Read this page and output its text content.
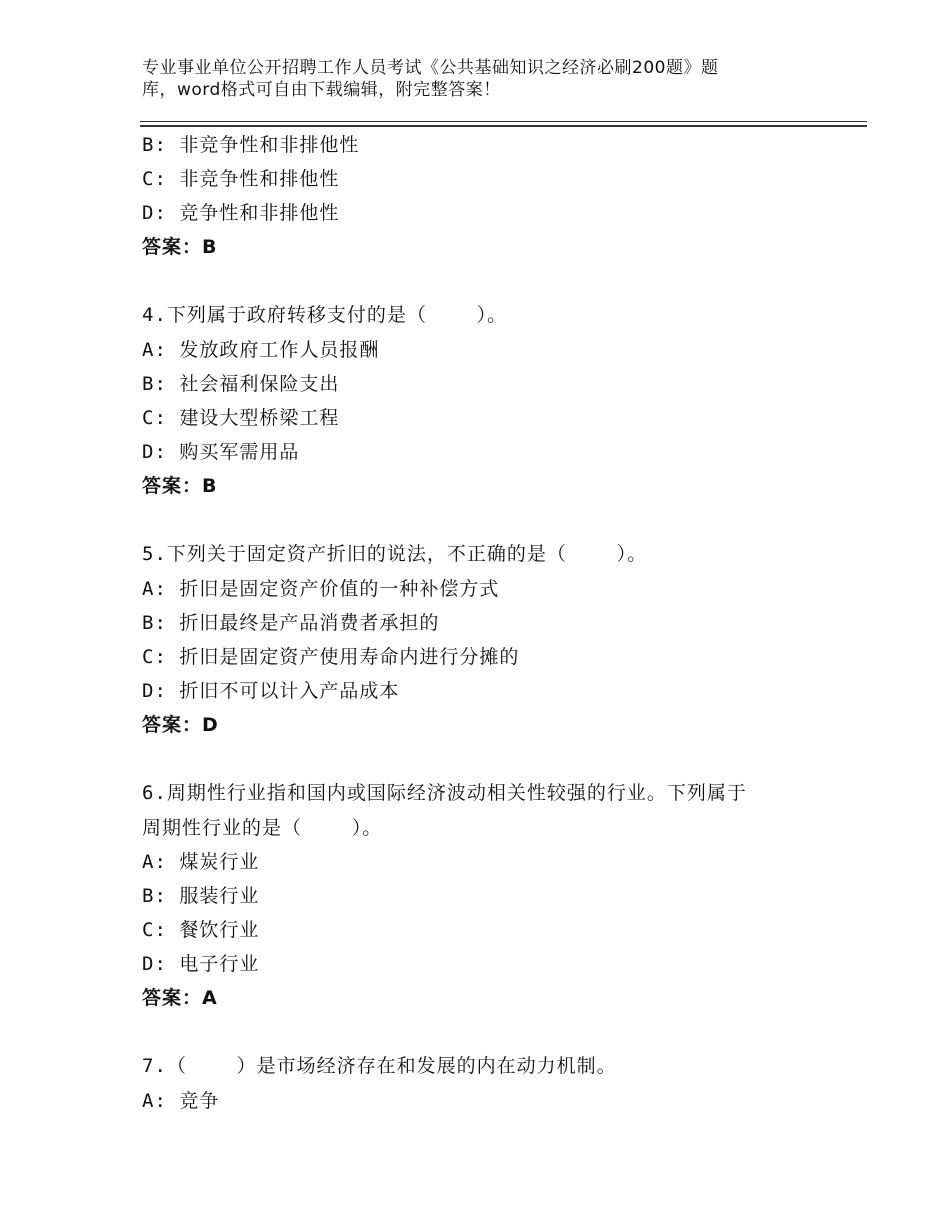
专业事业单位公开招聘工作人员考试《公共基础知识之经济必刷200题》题
库，word格式可自由下载编辑，附完整答案！
B: 非竞争性和非排他性
C: 非竞争性和排他性
D: 竞争性和非排他性
答案：B
4.下列属于政府转移支付的是（    ）。
A: 发放政府工作人员报酬
B: 社会福利保险支出
C: 建设大型桥梁工程
D: 购买军需用品
答案：B
5.下列关于固定资产折旧的说法，不正确的是（    ）。
A: 折旧是固定资产价值的一种补偿方式
B: 折旧最终是产品消费者承担的
C: 折旧是固定资产使用寿命内进行分摊的
D: 折旧不可以计入产品成本
答案：D
6.周期性行业指和国内或国际经济波动相关性较强的行业。下列属于
周期性行业的是（    ）。
A: 煤炭行业
B: 服装行业
C: 餐饮行业
D: 电子行业
答案：A
7.（    ）是市场经济存在和发展的内在动力机制。
A: 竞争
